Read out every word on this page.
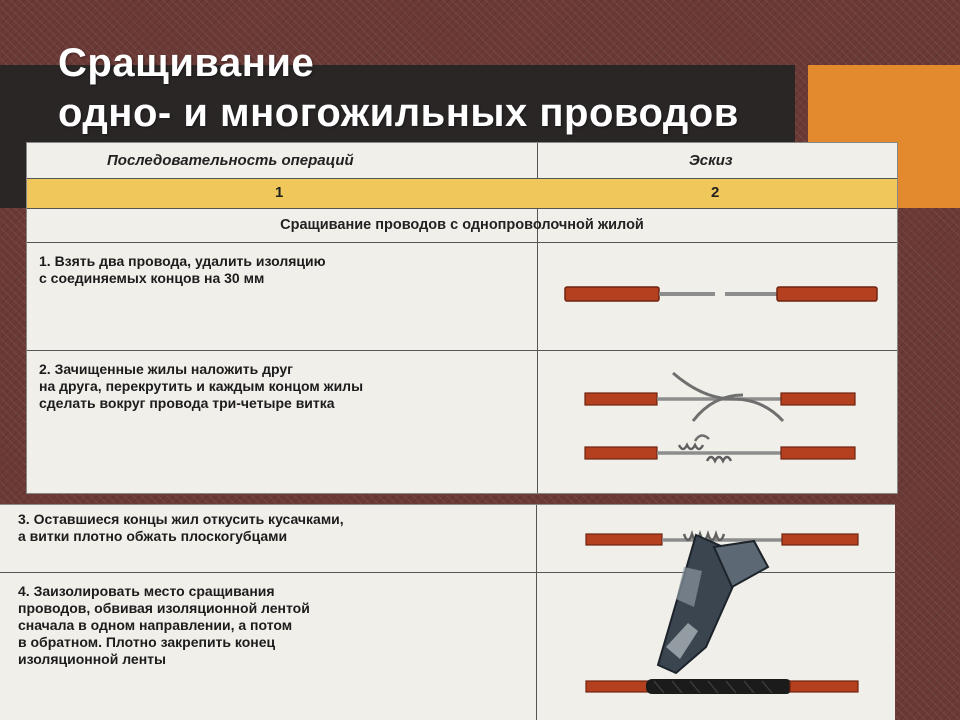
Сращивание
одно- и многожильных проводов
Последовательность операций	Эскиз
1	2
Сращивание проводов с однопроволочной жилой
1. Взять два провода, удалить изоляцию
с соединяемых концов на 30 мм
2. Зачищенные жилы наложить друг
на друга, перекрутить и каждым концом жилы
сделать вокруг провода три-четыре витка
3. Оставшиеся концы жил откусить кусачками,
а витки плотно обжать плоскогубцами
4. Заизолировать место сращивания
проводов, обвивая изоляционной лентой
сначала в одном направлении, а потом
в обратном. Плотно закрепить конец
изоляционной ленты
